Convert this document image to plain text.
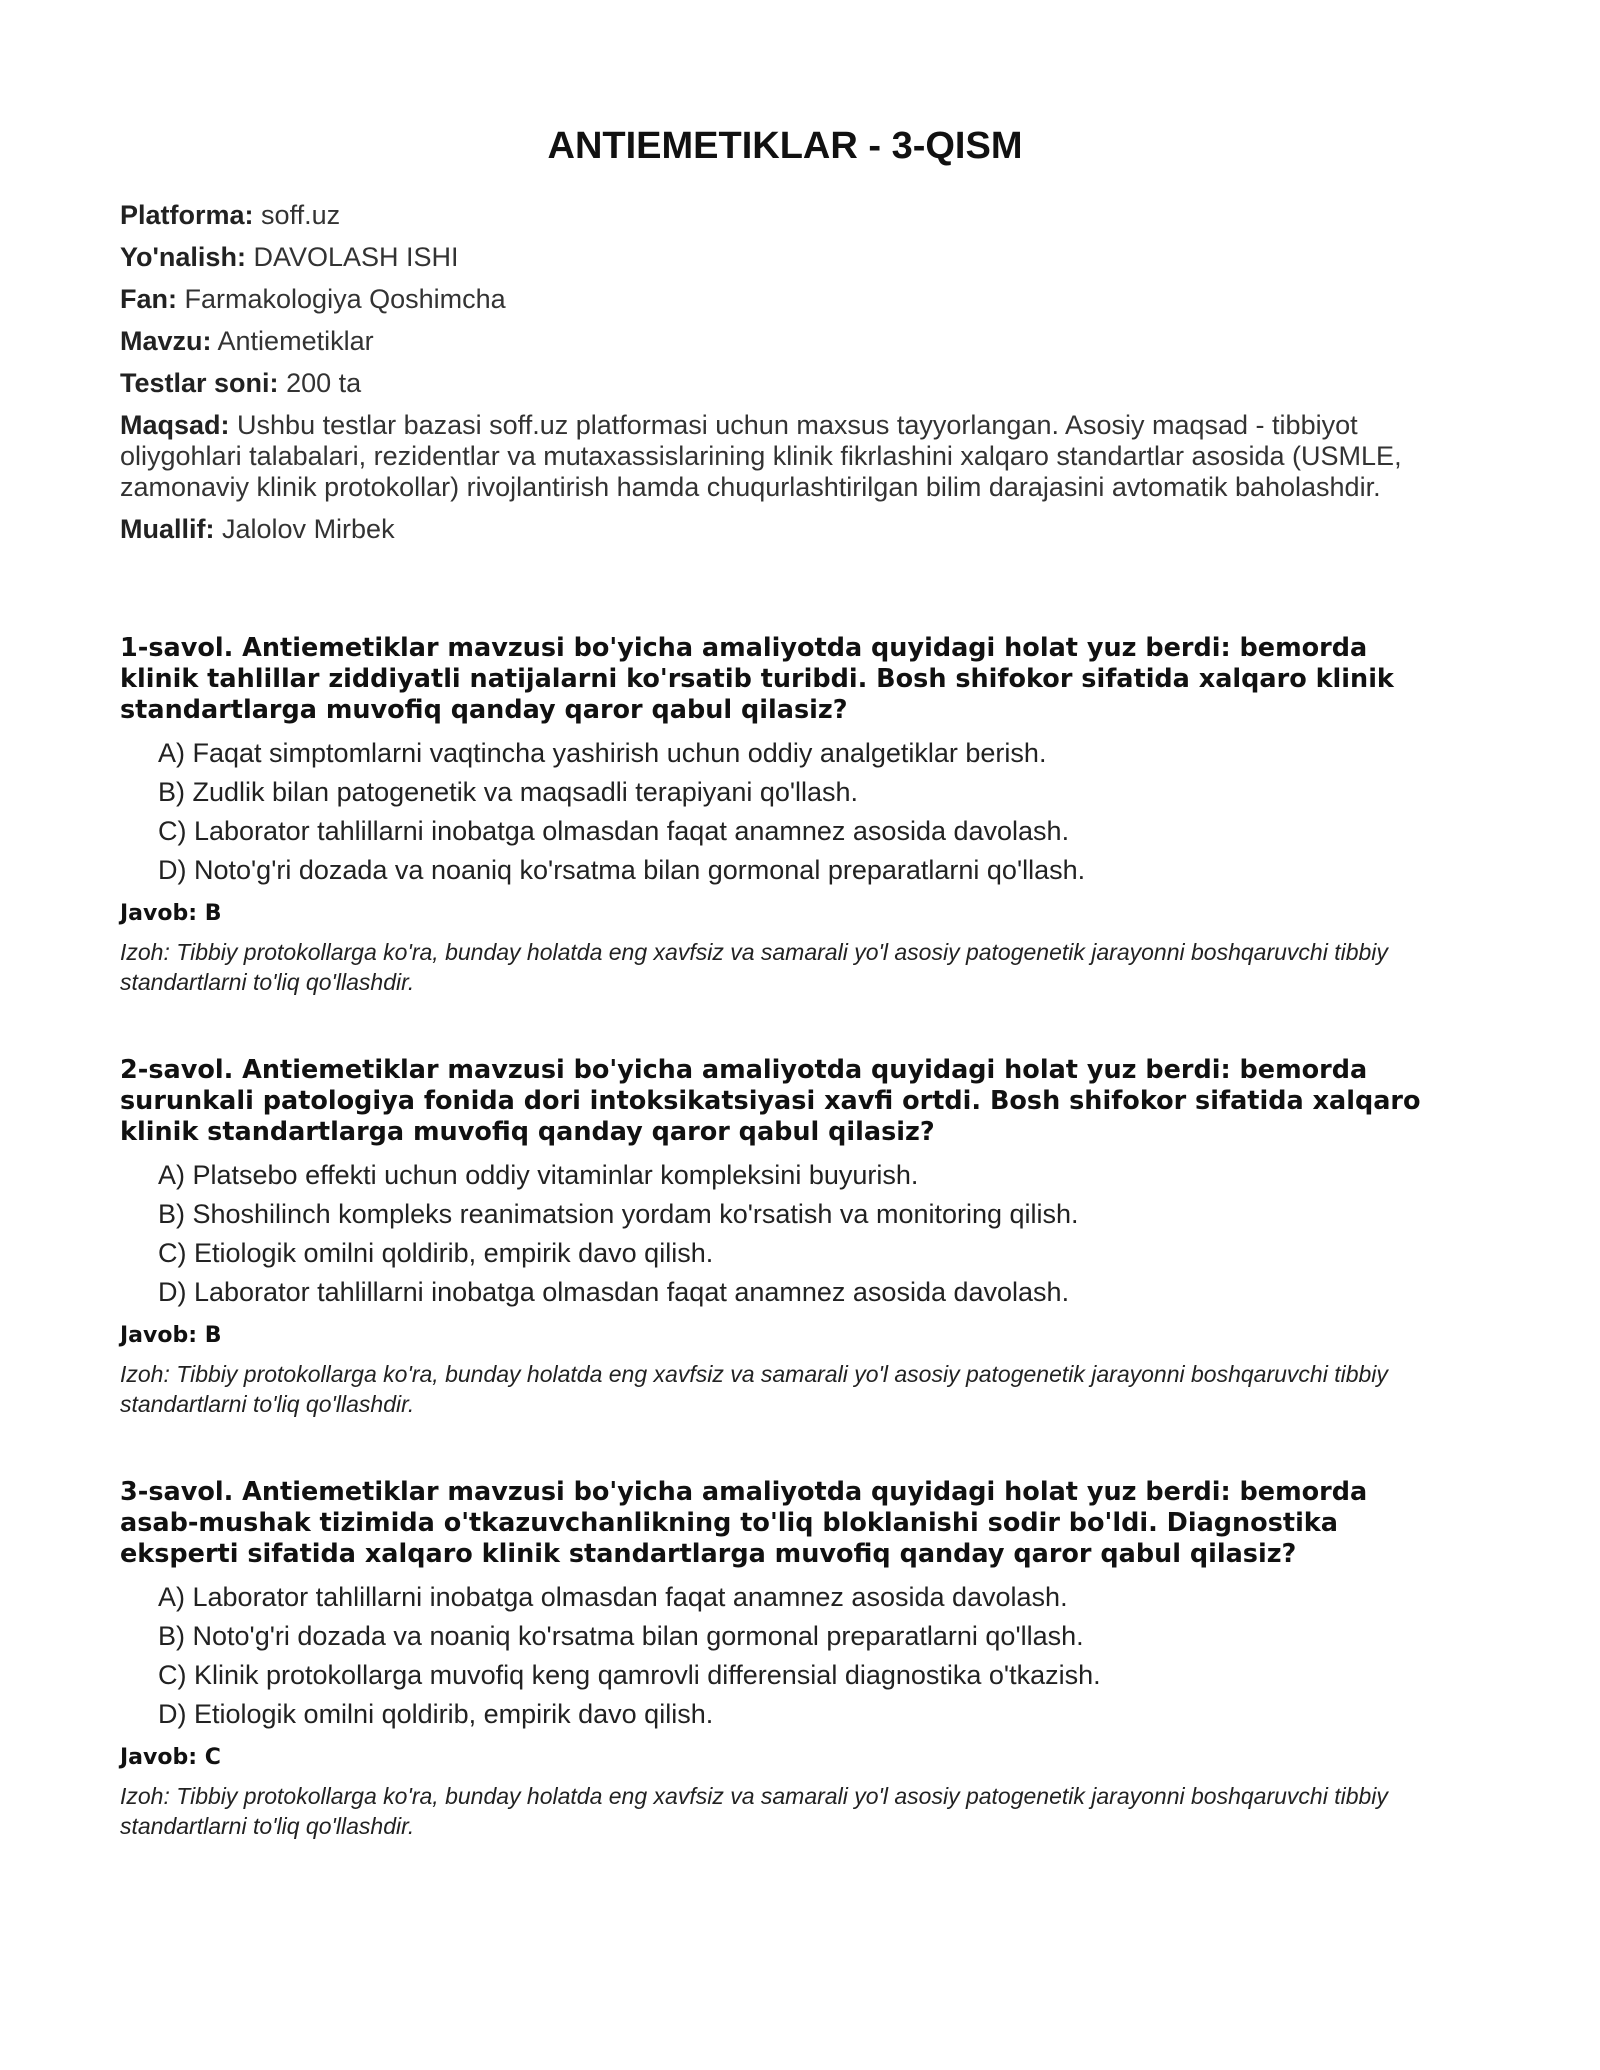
ANTIEMETIKLAR - 3-QISM

Platforma: soff.uz

Yo'nalish: DAVOLASH ISHI

Fan: Farmakologiya Qoshimcha

Mavzu: Antiemetiklar

Testlar soni: 200 ta

Maqsad: Ushbu testlar bazasi soff.uz platformasi uchun maxsus tayyorlangan. Asosiy maqsad - tibbiyot oliygohlari talabalari, rezidentlar va mutaxassislarining klinik fikrlashini xalqaro standartlar asosida (USMLE, zamonaviy klinik protokollar) rivojlantirish hamda chuqurlashtirilgan bilim darajasini avtomatik baholashdir.

Muallif: Jalolov Mirbek

1-savol. Antiemetiklar mavzusi bo'yicha amaliyotda quyidagi holat yuz berdi: bemorda klinik tahlillar ziddiyatli natijalarni ko'rsatib turibdi. Bosh shifokor sifatida xalqaro klinik standartlarga muvofiq qanday qaror qabul qilasiz?

A) Faqat simptomlarni vaqtincha yashirish uchun oddiy analgetiklar berish.
B) Zudlik bilan patogenetik va maqsadli terapiyani qo'llash.
C) Laborator tahlillarni inobatga olmasdan faqat anamnez asosida davolash.
D) Noto'g'ri dozada va noaniq ko'rsatma bilan gormonal preparatlarni qo'llash.

Javob: B

Izoh: Tibbiy protokollarga ko'ra, bunday holatda eng xavfsiz va samarali yo'l asosiy patogenetik jarayonni boshqaruvchi tibbiy standartlarni to'liq qo'llashdir.

2-savol. Antiemetiklar mavzusi bo'yicha amaliyotda quyidagi holat yuz berdi: bemorda surunkali patologiya fonida dori intoksikatsiyasi xavfi ortdi. Bosh shifokor sifatida xalqaro klinik standartlarga muvofiq qanday qaror qabul qilasiz?

A) Platsebo effekti uchun oddiy vitaminlar kompleksini buyurish.
B) Shoshilinch kompleks reanimatsion yordam ko'rsatish va monitoring qilish.
C) Etiologik omilni qoldirib, empirik davo qilish.
D) Laborator tahlillarni inobatga olmasdan faqat anamnez asosida davolash.

Javob: B

Izoh: Tibbiy protokollarga ko'ra, bunday holatda eng xavfsiz va samarali yo'l asosiy patogenetik jarayonni boshqaruvchi tibbiy standartlarni to'liq qo'llashdir.

3-savol. Antiemetiklar mavzusi bo'yicha amaliyotda quyidagi holat yuz berdi: bemorda asab-mushak tizimida o'tkazuvchanlikning to'liq bloklanishi sodir bo'ldi. Diagnostika eksperti sifatida xalqaro klinik standartlarga muvofiq qanday qaror qabul qilasiz?

A) Laborator tahlillarni inobatga olmasdan faqat anamnez asosida davolash.
B) Noto'g'ri dozada va noaniq ko'rsatma bilan gormonal preparatlarni qo'llash.
C) Klinik protokollarga muvofiq keng qamrovli differensial diagnostika o'tkazish.
D) Etiologik omilni qoldirib, empirik davo qilish.

Javob: C

Izoh: Tibbiy protokollarga ko'ra, bunday holatda eng xavfsiz va samarali yo'l asosiy patogenetik jarayonni boshqaruvchi tibbiy standartlarni to'liq qo'llashdir.
